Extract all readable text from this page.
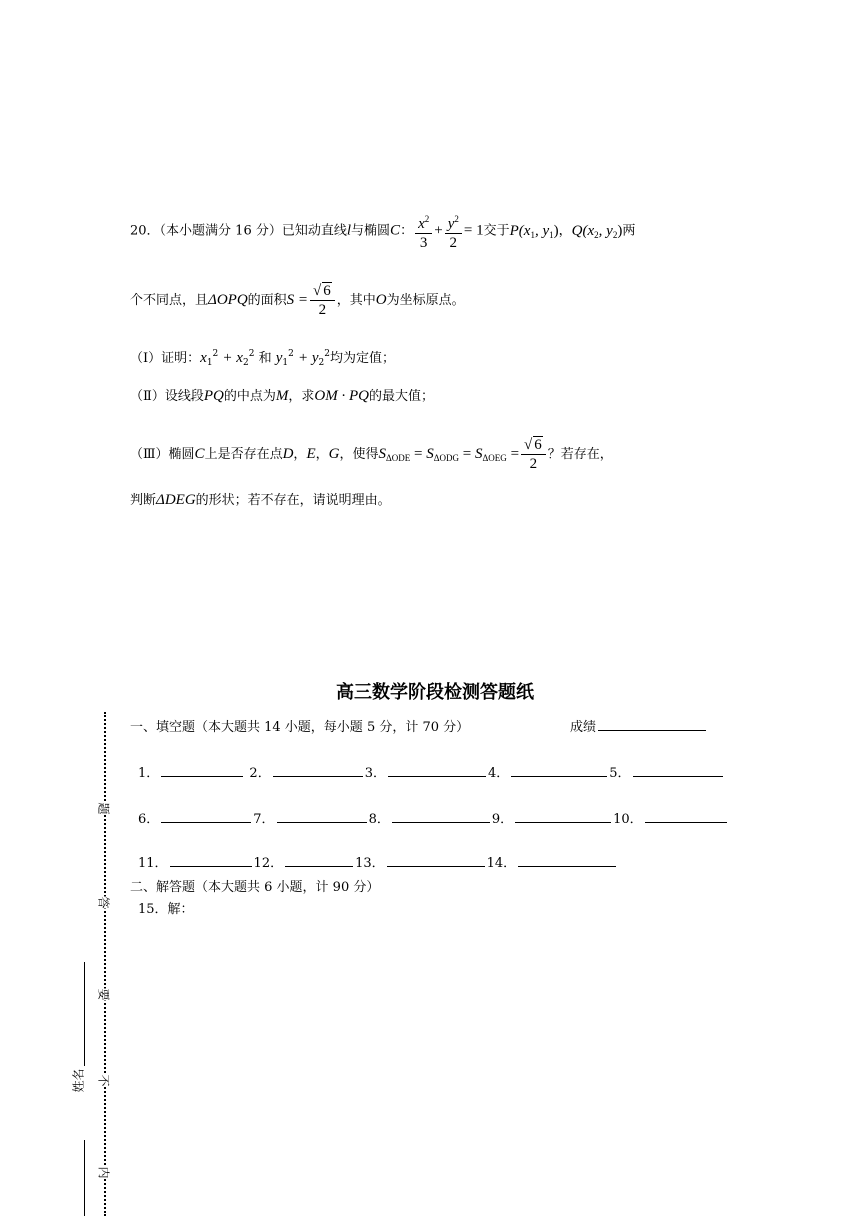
20．（本小题满分 16 分）已知动直线l与椭圆C： $\frac{x^2}{3} + \frac{y^2}{2} = 1$交于$P(x_1$, $y_1$)，$Q(x_2$, $y_2$)两
个不同点，且ΔOPQ的面积$S = \frac{√ 6}{2}$ ，其中O为坐标原点。
（Ⅰ）证明：$x_1^2 + x_2^2$ 和 $y_1^2 + y_2^2$均为定值；
（Ⅱ）设线段PQ的中点为M，求OM · PQ的最大值；
（Ⅲ）椭圆C上是否存在点D，E，G，使得$S_{\Delta ODE} = S_{\Delta ODG} = S_{\Delta OEG} = \frac{√ 6}{2}$ ？若存在，
判断ΔDEG的形状；若不存在，请说明理由。
高三数学阶段检测答题纸
一、填空题（本大题共 14 小题，每小题 5 分，计 70 分）	成绩
1．	2．	3．	4．	5．
6．	7．	8．	9．	10．
11．	12．	13．	14．
二、解答题（本大题共 6 小题，计 90 分）
15．解：
题
答
要
不
内
姓名
